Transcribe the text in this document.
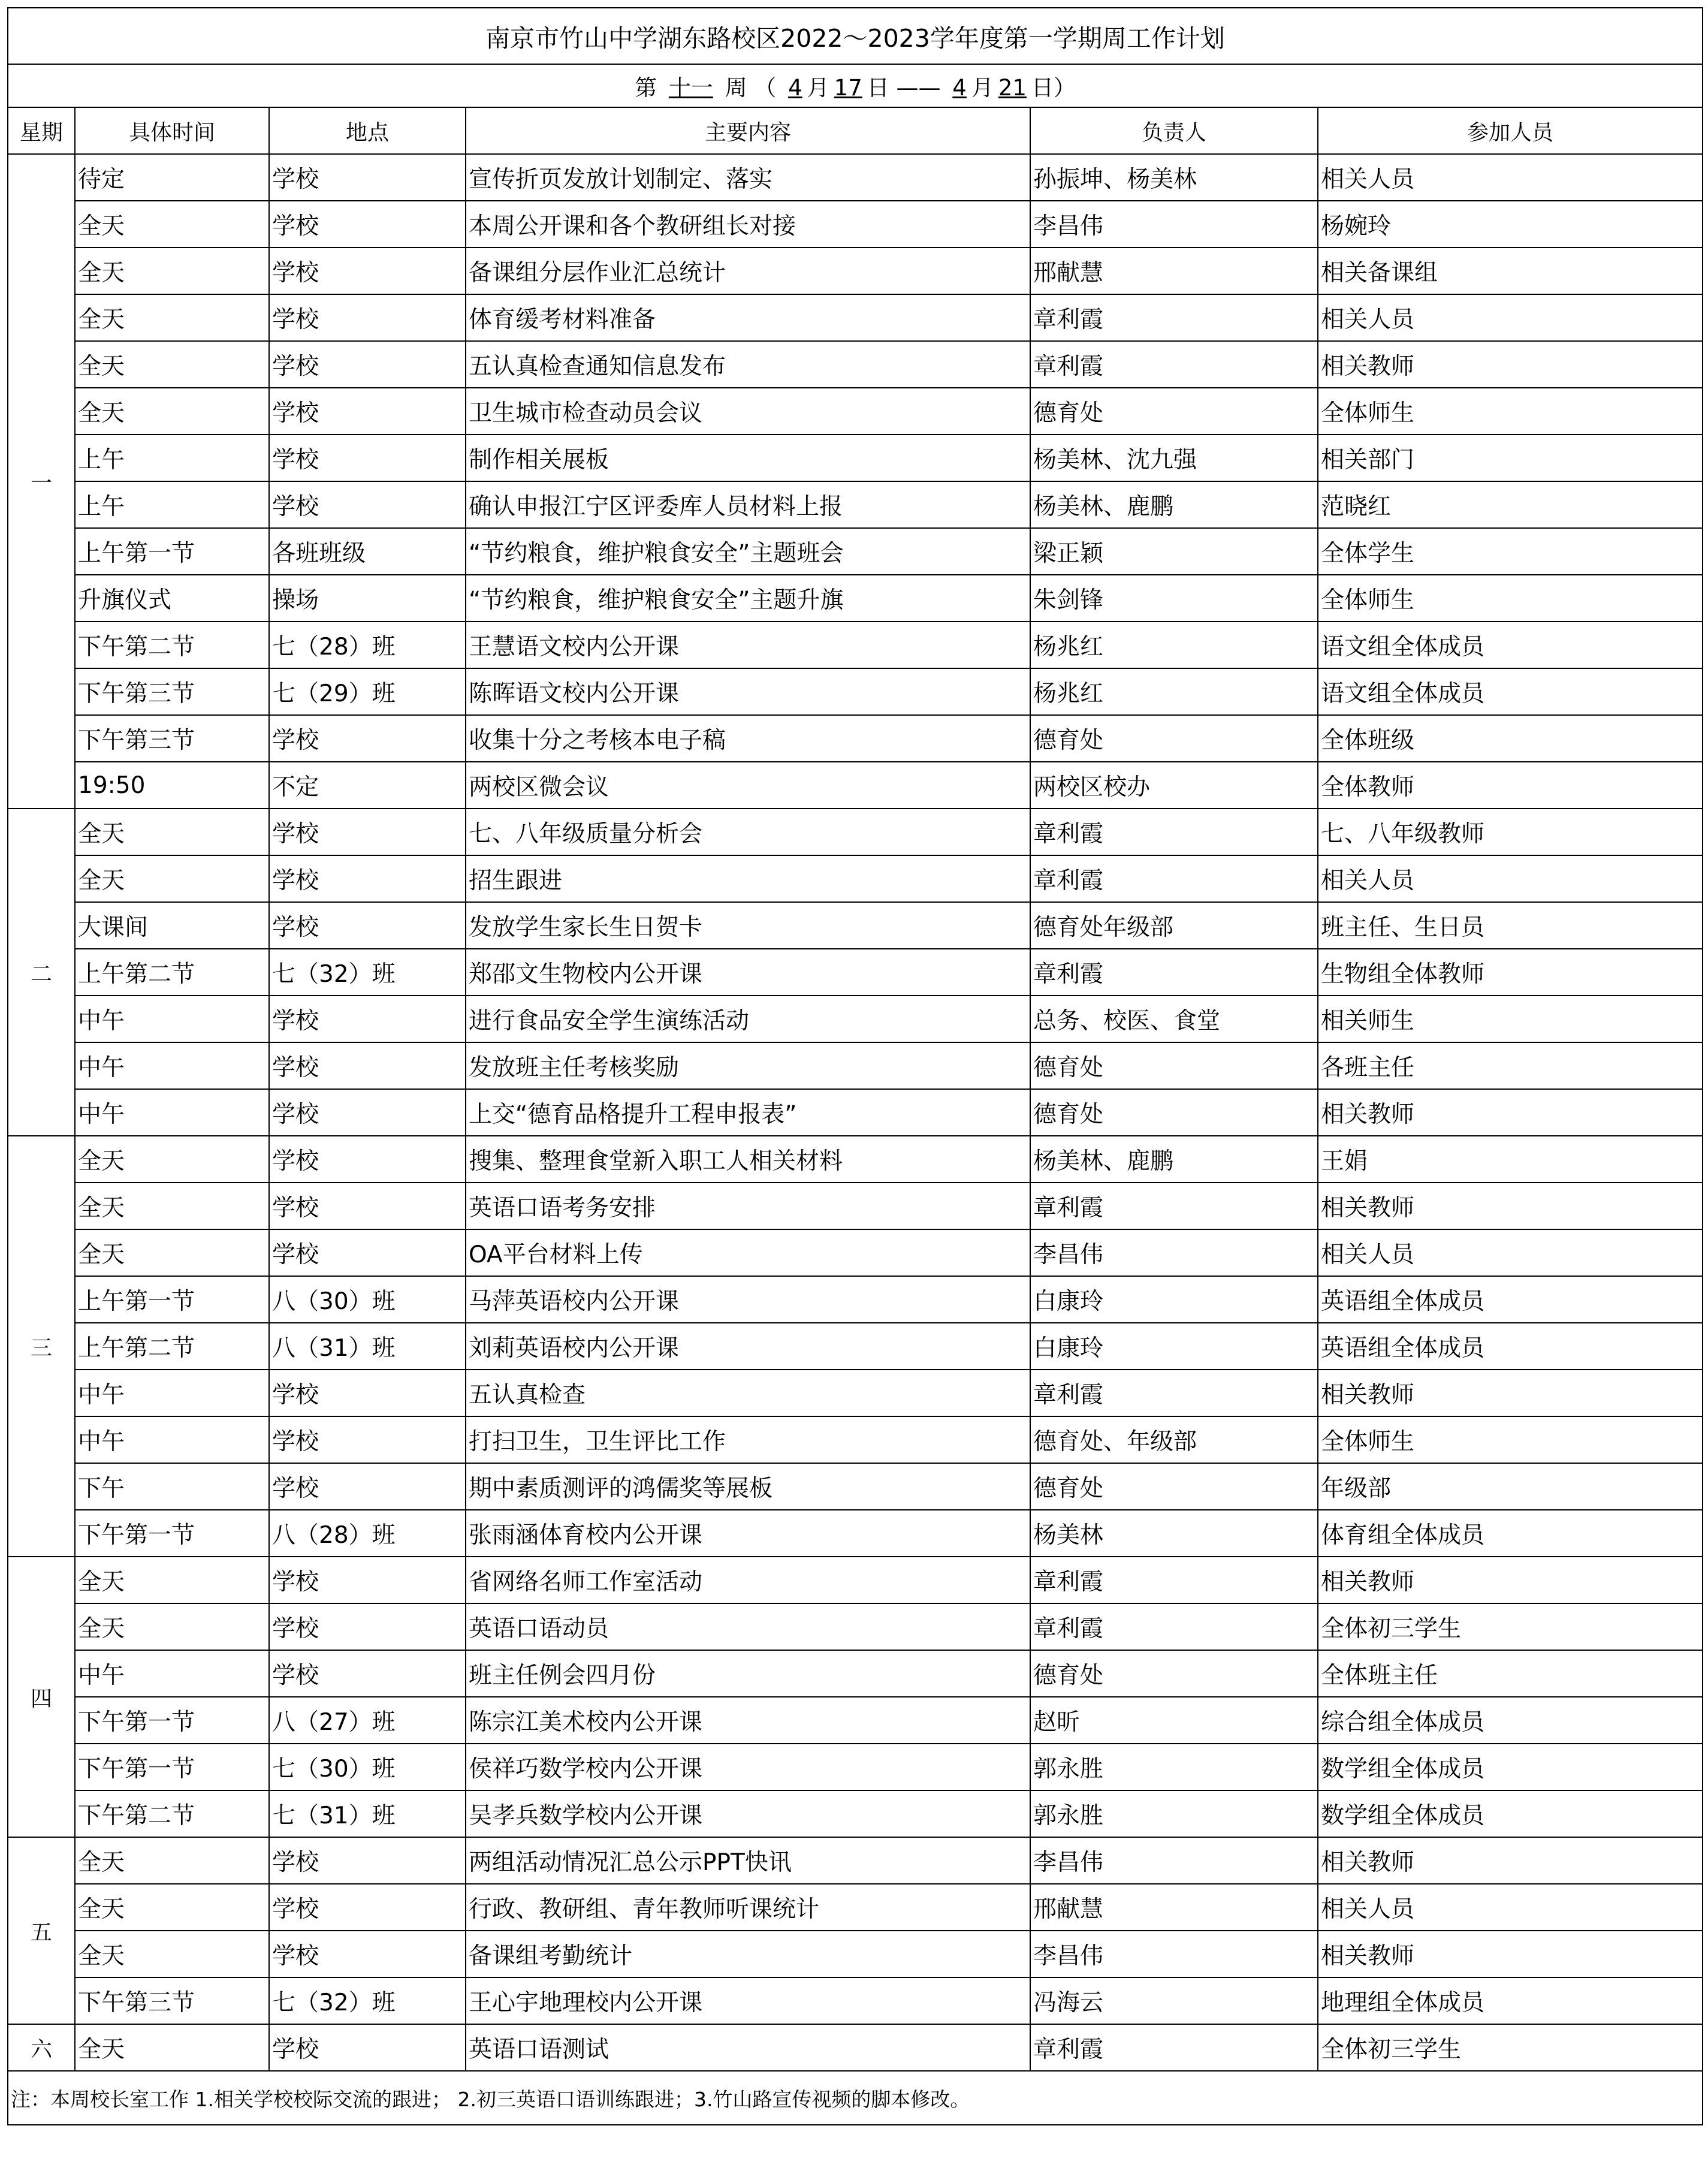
南京市竹山中学湖东路校区2022～2023学年度第一学期周工作计划					
第 十一 周 （ 4 月 17 日 —— 4 月 21 日）					
星期	具体时间	地点	主要内容	负责人	参加人员
一	待定	学校	宣传折页发放计划制定、落实	孙振坤、杨美林	相关人员
	全天	学校	本周公开课和各个教研组长对接	李昌伟	杨婉玲
	全天	学校	备课组分层作业汇总统计	邢献慧	相关备课组
	全天	学校	体育缓考材料准备	章利霞	相关人员
	全天	学校	五认真检查通知信息发布	章利霞	相关教师
	全天	学校	卫生城市检查动员会议	德育处	全体师生
	上午	学校	制作相关展板	杨美林、沈九强	相关部门
	上午	学校	确认申报江宁区评委库人员材料上报	杨美林、鹿鹏	范晓红
	上午第一节	各班班级	“节约粮食，维护粮食安全”主题班会	梁正颖	全体学生
	升旗仪式	操场	“节约粮食，维护粮食安全”主题升旗	朱剑锋	全体师生
	下午第二节	七（28）班	王慧语文校内公开课	杨兆红	语文组全体成员
	下午第三节	七（29）班	陈晖语文校内公开课	杨兆红	语文组全体成员
	下午第三节	学校	收集十分之考核本电子稿	德育处	全体班级
	19:50	不定	两校区微会议	两校区校办	全体教师
二	全天	学校	七、八年级质量分析会	章利霞	七、八年级教师
	全天	学校	招生跟进	章利霞	相关人员
	大课间	学校	发放学生家长生日贺卡	德育处年级部	班主任、生日员
	上午第二节	七（32）班	郑邵文生物校内公开课	章利霞	生物组全体教师
	中午	学校	进行食品安全学生演练活动	总务、校医、食堂	相关师生
	中午	学校	发放班主任考核奖励	德育处	各班主任
	中午	学校	上交“德育品格提升工程申报表”	德育处	相关教师
三	全天	学校	搜集、整理食堂新入职工人相关材料	杨美林、鹿鹏	王娟
	全天	学校	英语口语考务安排	章利霞	相关教师
	全天	学校	OA平台材料上传	李昌伟	相关人员
	上午第一节	八（30）班	马萍英语校内公开课	白康玲	英语组全体成员
	上午第二节	八（31）班	刘莉英语校内公开课	白康玲	英语组全体成员
	中午	学校	五认真检查	章利霞	相关教师
	中午	学校	打扫卫生，卫生评比工作	德育处、年级部	全体师生
	下午	学校	期中素质测评的鸿儒奖等展板	德育处	年级部
	下午第一节	八（28）班	张雨涵体育校内公开课	杨美林	体育组全体成员
四	全天	学校	省网络名师工作室活动	章利霞	相关教师
	全天	学校	英语口语动员	章利霞	全体初三学生
	中午	学校	班主任例会四月份	德育处	全体班主任
	下午第一节	八（27）班	陈宗江美术校内公开课	赵昕	综合组全体成员
	下午第一节	七（30）班	侯祥巧数学校内公开课	郭永胜	数学组全体成员
	下午第二节	七（31）班	吴孝兵数学校内公开课	郭永胜	数学组全体成员
五	全天	学校	两组活动情况汇总公示PPT快讯	李昌伟	相关教师
	全天	学校	行政、教研组、青年教师听课统计	邢献慧	相关人员
	全天	学校	备课组考勤统计	李昌伟	相关教师
	下午第三节	七（32）班	王心宇地理校内公开课	冯海云	地理组全体成员
六	全天	学校	英语口语测试	章利霞	全体初三学生
注：本周校长室工作 1.相关学校校际交流的跟进； 2.初三英语口语训练跟进；3.竹山路宣传视频的脚本修改。					
